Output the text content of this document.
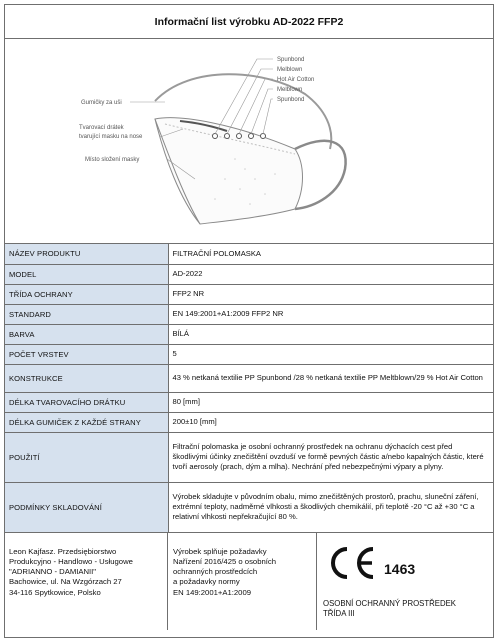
Informační list výrobku AD-2022 FFP2
Spunbond
Melblown
Hot Air Cotton
Melblown
Spunbond
Gumičky za uši
Tvarovací drátek
tvarující masku na nose
Místo složení masky
NÁZEV PRODUKTU	FILTRAČNÍ POLOMASKA
MODEL	AD-2022
TŘÍDA OCHRANY	FFP2 NR
STANDARD	EN 149:2001+A1:2009 FFP2 NR
BARVA	BÍLÁ
POČET VRSTEV	5
KONSTRUKCE	43 % netkaná textilie PP Spunbond /28 % netkaná textilie PP Meltblown/29 % Hot Air Cotton
DÉLKA TVAROVACÍHO DRÁTKU	80 [mm]
DÉLKA GUMIČEK Z KAŽDÉ STRANY	200±10 [mm]
POUŽITÍ	Filtrační polomaska je osobní ochranný prostředek na ochranu dýchacích cest před škodlivými účinky znečištění ovzduší ve formě pevných částic a/nebo kapalných částic, které tvoří aerosoly (prach, dým a mlha). Nechrání před nebezpečnými výpary a plyny.
PODMÍNKY SKLADOVÁNÍ	Výrobek skladujte v původním obalu, mimo znečištěných prostorů, prachu, sluneční záření, extrémní teploty, nadměrné vlhkosti a škodlivých chemikálií, při teplotě -20 °C až +30 °C a relativní vlhkosti nepřekračující 80 %.
Leon Kajfasz. Przedsiębiorstwo
Produkcyjno - Handlowo - Usługowe
"ADRIANNO - DAMIANII"
Bachowice, ul. Na Wzgórzach 27
34-116 Spytkowice, Polsko
Výrobek splňuje požadavky
Nařízení 2016/425 o osobních
ochranných prostředcích
a požadavky normy
EN 149:2001+A1:2009
1463
OSOBNÍ OCHRANNÝ PROSTŘEDEK
TŘÍDA III
